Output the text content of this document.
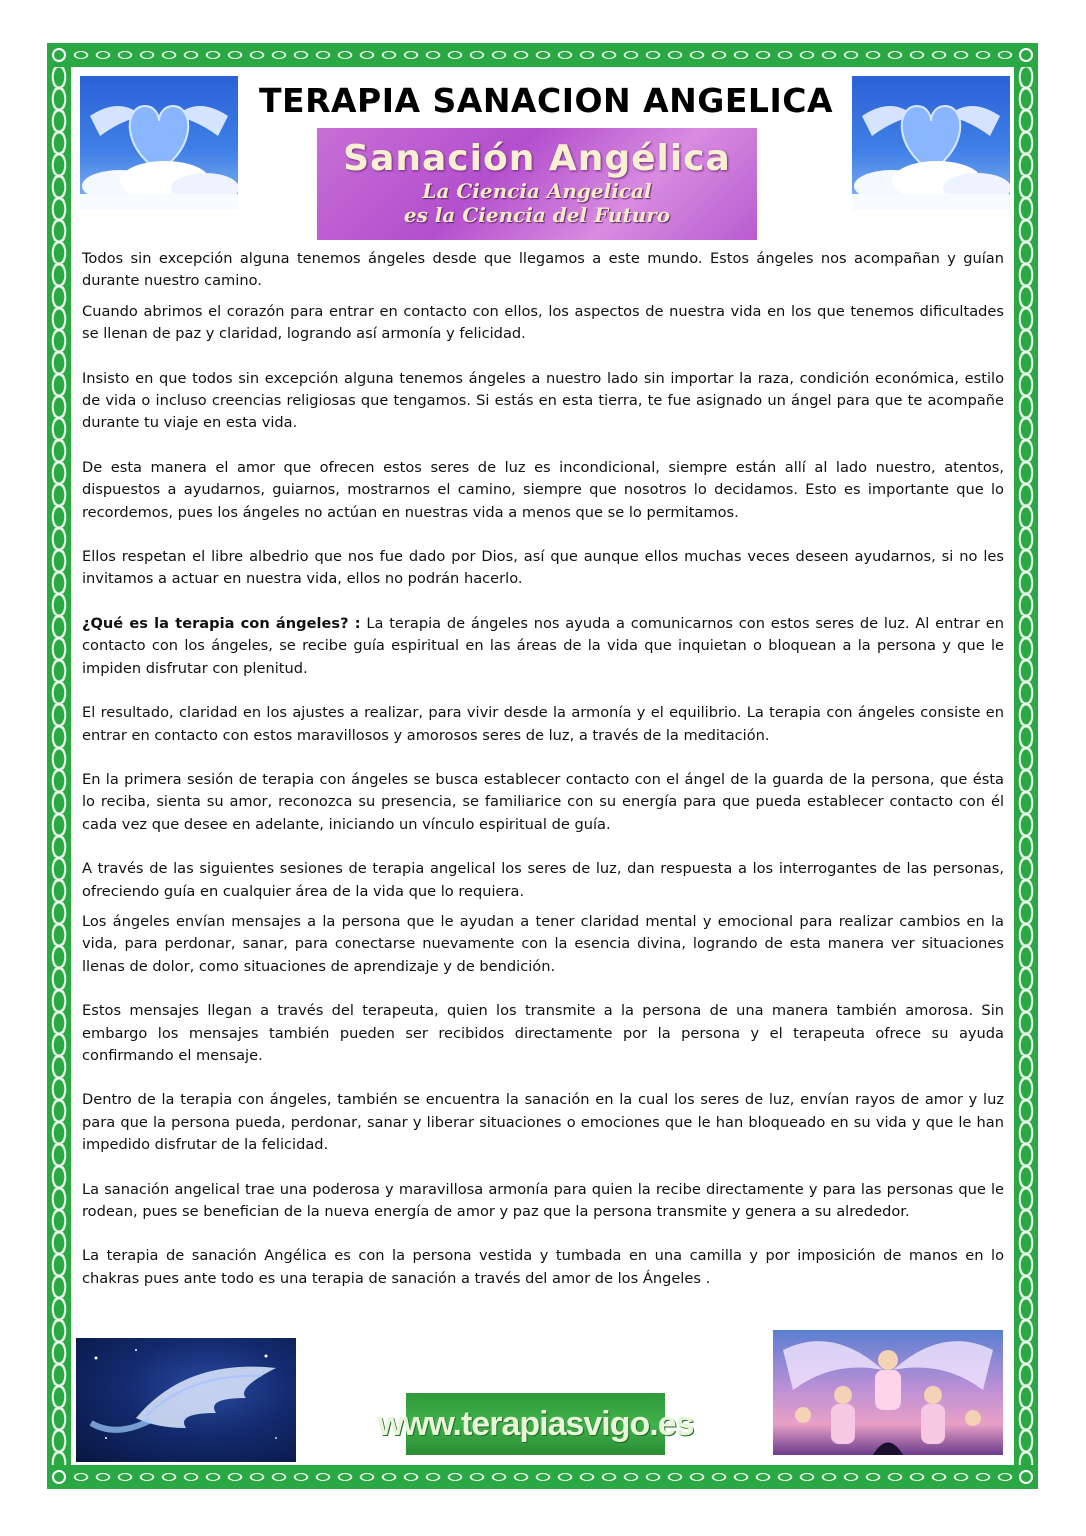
TERAPIA SANACION ANGELICA
Sanación Angélica
La Ciencia Angelical
es la Ciencia del Futuro

Todos sin excepción alguna tenemos ángeles desde que llegamos a este mundo. Estos ángeles nos acompañan y guían durante nuestro camino.

Cuando abrimos el corazón para entrar en contacto con ellos, los aspectos de nuestra vida en los que tenemos dificultades se llenan de paz y claridad, logrando así armonía y felicidad.

Insisto en que todos sin excepción alguna tenemos ángeles a nuestro lado sin importar la raza, condición económica, estilo de vida o incluso creencias religiosas que tengamos. Si estás en esta tierra, te fue asignado un ángel para que te acompañe durante tu viaje en esta vida.

De esta manera el amor que ofrecen estos seres de luz es incondicional, siempre están allí al lado nuestro, atentos, dispuestos a ayudarnos, guiarnos, mostrarnos el camino, siempre que nosotros lo decidamos. Esto es importante que lo recordemos, pues los ángeles no actúan en nuestras vida a menos que se lo permitamos.

Ellos respetan el libre albedrio que nos fue dado por Dios, así que aunque ellos muchas veces deseen ayudarnos, si no les invitamos a actuar en nuestra vida, ellos no podrán hacerlo.

¿Qué es la terapia con ángeles? : La terapia de ángeles nos ayuda a comunicarnos con estos seres de luz. Al entrar en contacto con los ángeles, se recibe guía espiritual en las áreas de la vida que inquietan o bloquean a la persona y que le impiden disfrutar con plenitud.

El resultado, claridad en los ajustes a realizar, para vivir desde la armonía y el equilibrio. La terapia con ángeles consiste en entrar en contacto con estos maravillosos y amorosos seres de luz, a través de la meditación.

En la primera sesión de terapia con ángeles se busca establecer contacto con el ángel de la guarda de la persona, que ésta lo reciba, sienta su amor, reconozca su presencia, se familiarice con su energía para que pueda establecer contacto con él cada vez que desee en adelante, iniciando un vínculo espiritual de guía.

A través de las siguientes sesiones de terapia angelical los seres de luz, dan respuesta a los interrogantes de las personas, ofreciendo guía en cualquier área de la vida que lo requiera.

Los ángeles envían mensajes a la persona que le ayudan a tener claridad mental y emocional para realizar cambios en la vida, para perdonar, sanar, para conectarse nuevamente con la esencia divina, logrando de esta manera ver situaciones llenas de dolor, como situaciones de aprendizaje y de bendición.

Estos mensajes llegan a través del terapeuta, quien los transmite a la persona de una manera también amorosa. Sin embargo los mensajes también pueden ser recibidos directamente por la persona y el terapeuta ofrece su ayuda confirmando el mensaje.

Dentro de la terapia con ángeles, también se encuentra la sanación en la cual los seres de luz, envían rayos de amor y luz para que la persona pueda, perdonar, sanar y liberar situaciones o emociones que le han bloqueado en su vida y que le han impedido disfrutar de la felicidad.

La sanación angelical trae una poderosa y maravillosa armonía para quien la recibe directamente y para las personas que le rodean, pues se benefician de la nueva energía de amor y paz que la persona transmite y genera a su alrededor.

La terapia de sanación Angélica es con la persona vestida y tumbada en una camilla y por imposición de manos en lo chakras pues ante todo es una terapia de sanación a través del amor de los Ángeles .

www.terapiasvigo.es
